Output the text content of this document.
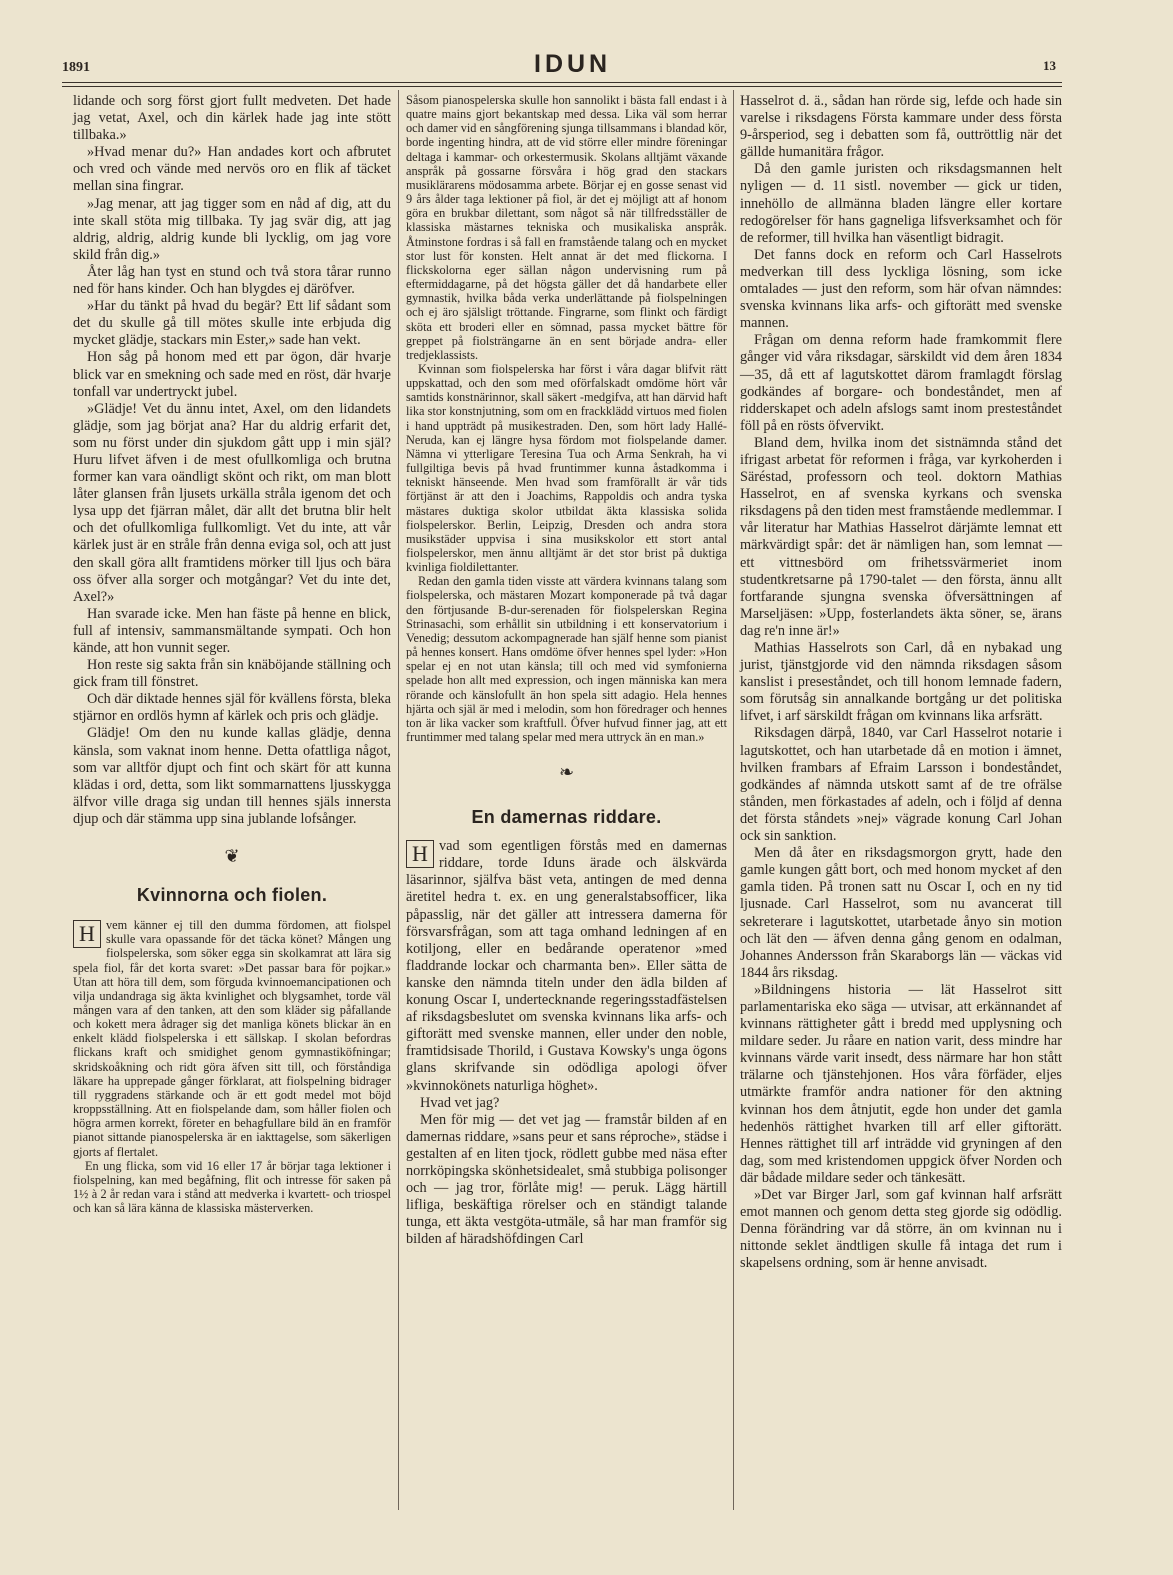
1891	IDUN	13

lidande och sorg först gjort fullt medveten. Det hade jag vetat, Axel, och din kärlek hade jag inte stött tillbaka.»

»Hvad menar du?» Han andades kort och afbrutet och vred och vände med nervös oro en flik af täcket mellan sina fingrar.

»Jag menar, att jag tigger som en nåd af dig, att du inte skall stöta mig tillbaka. Ty jag svär dig, att jag aldrig, aldrig, aldrig kunde bli lycklig, om jag vore skild från dig.»

Åter låg han tyst en stund och två stora tårar runno ned för hans kinder. Och han blygdes ej däröfver.

»Har du tänkt på hvad du begär? Ett lif sådant som det du skulle gå till mötes skulle inte erbjuda dig mycket glädje, stackars min Ester,» sade han vekt.

Hon såg på honom med ett par ögon, där hvarje blick var en smekning och sade med en röst, där hvarje tonfall var undertryckt jubel.

»Glädje! Vet du ännu intet, Axel, om den lidandets glädje, som jag börjat ana? Har du aldrig erfarit det, som nu först under din sjukdom gått upp i min själ? Huru lifvet äfven i de mest ofullkomliga och brutna former kan vara oändligt skönt och rikt, om man blott låter glansen från ljusets urkälla stråla igenom det och lysa upp det fjärran målet, där allt det brutna blir helt och det ofullkomliga fullkomligt. Vet du inte, att vår kärlek just är en stråle från denna eviga sol, och att just den skall göra allt framtidens mörker till ljus och bära oss öfver alla sorger och motgångar? Vet du inte det, Axel?»

Han svarade icke. Men han fäste på henne en blick, full af intensiv, sammansmältande sympati. Och hon kände, att hon vunnit seger.

Hon reste sig sakta från sin knäböjande ställning och gick fram till fönstret.

Och där diktade hennes själ för kvällens första, bleka stjärnor en ordlös hymn af kärlek och pris och glädje.

Glädje! Om den nu kunde kallas glädje, denna känsla, som vaknat inom henne. Detta ofattliga något, som var alltför djupt och fint och skärt för att kunna klädas i ord, detta, som likt sommarnattens ljusskygga älfvor ville draga sig undan till hennes själs innersta djup och där stämma upp sina jublande lofsånger.

❦

Kvinnorna och fiolen.
H vem känner ej till den dumma fördomen, att fiolspel skulle vara opassande för det täcka könet? Mången ung fiolspelerska, som söker egga sin skolkamrat att lära sig spela fiol, får det korta svaret: »Det passar bara för pojkar.» Utan att höra till dem, som förguda kvinnoemancipationen och vilja undandraga sig äkta kvinlighet och blygsamhet, torde väl mången vara af den tanken, att den som kläder sig påfallande och kokett mera ådrager sig det manliga könets blickar än en enkelt klädd fiolspelerska i ett sällskap. I skolan befordras flickans kraft och smidighet genom gymnastiköfningar; skridskoåkning och ridt göra äfven sitt till, och förståndiga läkare ha upprepade gånger förklarat, att fiolspelning bidrager till ryggradens stärkande och är ett godt medel mot böjd kroppsställning. Att en fiolspelande dam, som håller fiolen och högra armen korrekt, företer en behagfullare bild än en framför pianot sittande pianospelerska är en iakttagelse, som säkerligen gjorts af flertalet.

En ung flicka, som vid 16 eller 17 år börjar taga lektioner i fiolspelning, kan med begåfning, flit och intresse för saken på 1½ à 2 år redan vara i stånd att medverka i kvartett- och triospel och kan så lära känna de klassiska mästerverken.

Såsom pianospelerska skulle hon sannolikt i bästa fall endast i à quatre mains gjort bekantskap med dessa. Lika väl som herrar och damer vid en sångförening sjunga tillsammans i blandad kör, borde ingenting hindra, att de vid större eller mindre föreningar deltaga i kammar- och orkestermusik. Skolans alltjämt växande anspråk på gossarne försvåra i hög grad den stackars musiklärarens mödosamma arbete. Börjar ej en gosse senast vid 9 års ålder taga lektioner på fiol, är det ej möjligt att af honom göra en brukbar dilettant, som något så när tillfredsställer de klassiska mästarnes tekniska och musikaliska anspråk. Åtminstone fordras i så fall en framstående talang och en mycket stor lust för konsten. Helt annat är det med flickorna. I flickskolorna eger sällan någon undervisning rum på eftermiddagarne, på det högsta gäller det då handarbete eller gymnastik, hvilka båda verka underlättande på fiolspelningen och ej äro själsligt tröttande. Fingrarne, som flinkt och färdigt sköta ett broderi eller en sömnad, passa mycket bättre för greppet på fiolsträngarne än en sent började andra- eller tredjeklassists.

Kvinnan som fiolspelerska har först i våra dagar blifvit rätt uppskattad, och den som med oförfalskadt omdöme hört vår samtids konstnärinnor, skall säkert -medgifva, att han därvid haft lika stor konstnjutning, som om en frackklädd virtuos med fiolen i hand uppträdt på musikestraden. Den, som hört lady Hallé-Neruda, kan ej längre hysa fördom mot fiolspelande damer. Nämna vi ytterligare Teresina Tua och Arma Senkrah, ha vi fullgiltiga bevis på hvad fruntimmer kunna åstadkomma i tekniskt hänseende. Men hvad som framförallt är vår tids förtjänst är att den i Joachims, Rappoldis och andra tyska mästares duktiga skolor utbildat äkta klassiska solida fiolspelerskor. Berlin, Leipzig, Dresden och andra stora musikstäder uppvisa i sina musikskolor ett stort antal fiolspelerskor, men ännu alltjämt är det stor brist på duktiga kvinliga fioldilettanter.

Redan den gamla tiden visste att värdera kvinnans talang som fiolspelerska, och mästaren Mozart komponerade på två dagar den förtjusande B-dur-serenaden för fiolspelerskan Regina Strinasachi, som erhållit sin utbildning i ett konservatorium i Venedig; dessutom ackompagnerade han själf henne som pianist på hennes konsert. Hans omdöme öfver hennes spel lyder: »Hon spelar ej en not utan känsla; till och med vid symfonierna spelade hon allt med expression, och ingen människa kan mera rörande och känslofullt än hon spela sitt adagio. Hela hennes hjärta och själ är med i melodin, som hon föredrager och hennes ton är lika vacker som kraftfull. Öfver hufvud finner jag, att ett fruntimmer med talang spelar med mera uttryck än en man.»

❧

En damernas riddare.
H vad som egentligen förstås med en damernas riddare, torde Iduns ärade och älskvärda läsarinnor, själfva bäst veta, antingen de med denna äretitel hedra t. ex. en ung generalstabsofficer, lika påpasslig, när det gäller att intressera damerna för försvarsfrågan, som att taga omhand ledningen af en kotiljong, eller en bedårande operatenor »med fladdrande lockar och charmanta ben». Eller sätta de kanske den nämnda titeln under den ädla bilden af konung Oscar I, undertecknande regeringsstadfästelsen af riksdagsbeslutet om svenska kvinnans lika arfs- och giftorätt med svenske mannen, eller under den noble, framtidsisade Thorild, i Gustava Kowsky's unga ögons glans skrifvande sin odödliga apologi öfver »kvinnokönets naturliga höghet».

Hvad vet jag?

Men för mig — det vet jag — framstår bilden af en damernas riddare, »sans peur et sans réproche», städse i gestalten af en liten tjock, rödlett gubbe med näsa efter norrköpingska skönhetsidealet, små stubbiga polisonger och — jag tror, förlåte mig! — peruk. Lägg härtill lifliga, beskäftiga rörelser och en ständigt talande tunga, ett äkta vestgöta-utmäle, så har man framför sig bilden af häradshöfdingen Carl

Hasselrot d. ä., sådan han rörde sig, lefde och hade sin varelse i riksdagens Första kammare under dess första 9-årsperiod, seg i debatten som få, outtröttlig när det gällde humanitära frågor.

Då den gamle juristen och riksdagsmannen helt nyligen — d. 11 sistl. november — gick ur tiden, innehöllo de allmänna bladen längre eller kortare redogörelser för hans gagneliga lifsverksamhet och för de reformer, till hvilka han väsentligt bidragit.

Det fanns dock en reform och Carl Hasselrots medverkan till dess lyckliga lösning, som icke omtalades — just den reform, som här ofvan nämndes: svenska kvinnans lika arfs- och giftorätt med svenske mannen.

Frågan om denna reform hade framkommit flere gånger vid våra riksdagar, särskildt vid dem åren 1834—35, då ett af lagutskottet därom framlagdt förslag godkändes af borgare- och bondeståndet, men af ridderskapet och adeln afslogs samt inom presteståndet föll på en rösts öfvervikt.

Bland dem, hvilka inom det sistnämnda stånd det ifrigast arbetat för reformen i fråga, var kyrkoherden i Säréstad, professorn och teol. doktorn Mathias Hasselrot, en af svenska kyrkans och svenska riksdagens på den tiden mest framstående medlemmar. I vår literatur har Mathias Hasselrot därjämte lemnat ett märkvärdigt spår: det är nämligen han, som lemnat — ett vittnesbörd om frihetssvärmeriet inom studentkretsarne på 1790-talet — den första, ännu allt fortfarande sjungna svenska öfversättningen af Marseljäsen: »Upp, fosterlandets äkta söner, se, ärans dag re'n inne är!»

Mathias Hasselrots son Carl, då en nybakad ung jurist, tjänstgjorde vid den nämnda riksdagen såsom kanslist i preseståndet, och till honom lemnade fadern, som förutsåg sin annalkande bortgång ur det politiska lifvet, i arf särskildt frågan om kvinnans lika arfsrätt.

Riksdagen därpå, 1840, var Carl Hasselrot notarie i lagutskottet, och han utarbetade då en motion i ämnet, hvilken frambars af Efraim Larsson i bondeståndet, godkändes af nämnda utskott samt af de tre ofrälse stånden, men förkastades af adeln, och i följd af denna det första ståndets »nej» vägrade konung Carl Johan ock sin sanktion.

Men då åter en riksdagsmorgon grytt, hade den gamle kungen gått bort, och med honom mycket af den gamla tiden. På tronen satt nu Oscar I, och en ny tid ljusnade. Carl Hasselrot, som nu avancerat till sekreterare i lagutskottet, utarbetade ånyo sin motion och lät den — äfven denna gång genom en odalman, Johannes Andersson från Skaraborgs län — väckas vid 1844 års riksdag.

»Bildningens historia — lät Hasselrot sitt parlamentariska eko säga — utvisar, att erkännandet af kvinnans rättigheter gått i bredd med upplysning och mildare seder. Ju råare en nation varit, dess mindre har kvinnans värde varit insedt, dess närmare har hon stått trälarne och tjänstehjonen. Hos våra förfäder, eljes utmärkte framför andra nationer för den aktning kvinnan hos dem åtnjutit, egde hon under det gamla hedenhös rättighet hvarken till arf eller giftorätt. Hennes rättighet till arf inträdde vid gryningen af den dag, som med kristendomen uppgick öfver Norden och där bådade mildare seder och tänkesätt.

»Det var Birger Jarl, som gaf kvinnan half arfsrätt emot mannen och genom detta steg gjorde sig odödlig. Denna förändring var då större, än om kvinnan nu i nittonde seklet ändtligen skulle få intaga det rum i skapelsens ordning, som är henne anvisadt.
